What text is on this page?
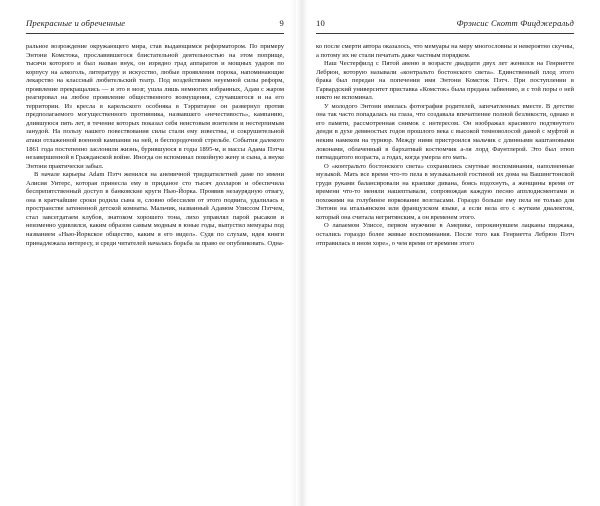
Прекрасные и обреченные	9

ральное возрождение окружающего мира, став выдающимся реформатором. По примеру Энтони Комстока, прославившегося блистательной деятельностью на этом поприще, тысячи которого и был назван внук, он изрядно град аппаратов и мощных ударов по корпусу на алкоголь, литературу и искусство, любые проявления порока, напоминающие лекарство на классный любительский театр. Под воздействием неуемной силы реформ, проявление прекращались — и это в мозг, ушла лишь немногих избранных, Адам с жаром реагировал на любое проявление общественного возмущения, случавшегося и на его территории. Из кресла в карельского особняка в Тэрритауне он развернул против предполагаемого могущественного противника, назвавшего «нечестивость», кампанию, длившуюся пять лет, в течение которых показал себя неистовым воителем и нестерпимым занудой. На пользу нашего повествования силы стали ему известны, и сокрушительной атаки отлаженной военной кампании на ней, и беспородочной стрельбе. События далекого 1861 года постепенно заслонили жизнь, бурившуюся в годы 1895-м, и массы Адама Пэтча незавершенной в Гражданской войне. Иногда он вспоминал покойную жену и сына, а внуке Энтони практически забыл.

В начале карьеры Adam Пэтч женился на анемичной тридцатилетней даме по имени Алисия Уитерс, которая принесла ему в приданое сто тысяч долларов и обеспечила беспрепятственный доступ в банковские круги Нью-Йорка. Проявив незаурядную отвагу, она в кратчайшие сроки родила сына и, словно обессилев от этого подвига, удалилась в пространстве затененной детской комнаты. Мальчик, названный Адамом Улиссом Пэтчем, стал завсегдатаем клубов, знатоком хорошего тона, лихо управлял парой рысаков и неизменно удивлялся, каким образом самым модным в юные годы, выпустил мемуары под названием «Нью-Йоркское общество, каким я его видел». Судя по слухам, идея книги принадлежала интересу, и среди читателей началась борьба за право ее опубликовать. Одна-

10	Фрэнсис Скотт Фицджеральд

ко после смерти автора оказалось, что мемуары на меру многословны и невероятно скучны, а потому их не стали печатать даже частным порядком.

Наш Честерфилд с Пятой авеню в возрасте двадцати двух лет женился на Генриетте Лебрюн, которую называли «контральто бостонского света». Единственный плод этого брака был передан на попечении имя Энтони Комсток Пэтч. При поступлении в Гарвардский университет приставка «Комсток» была предана забвению, и с той поры о ней никто не вспоминал.

У молодого Энтони имелась фотография родителей, запечатленных вместе. В детстве она так часто попадалась на глаза, что создавала впечатление полной безликости, однако в его памяти, рассмотренная снимок с интересом. Он изображал красивого подтянутого денди в духе девяностых годов прошлого века с высокой темноволосой дамой с муфтой и неким намеком на турнюр. Между ними пристроился мальчик с длинными каштановыми локонами, облаченный в бархатный костюмчик а-ля лорд Фаунтлерой. Это был этюп пятнадцатого возраста, а годах, когда умерла его мать.

О «контральто бостонского света» сохранились смутные воспоминания, наполненные музыкой. Мать все время что-то пела в музыкальной гостиной их дома на Вашингтонской груди руками балансировали на краешке дивана, боясь вздохнуть, а женщины время от времени что-то меняли нашептывали, сопровождая каждую песню апплодисментами и похожими на голубиное воркование возгласами. Гораздо больше ему пела не только для Энтони на итальянском или французском языке, а если вела его с жутким диалектом, который она считала негритянским, а он временем этого.

О лапаемом Улиссе, первом мужчине в Америке, опрокинувшем лацканы пиджака, остались гораздо более живые воспоминания. После того как Генриетта Лебрюн Пэтч отправилась в ином хоре», о чем время от времени этого
